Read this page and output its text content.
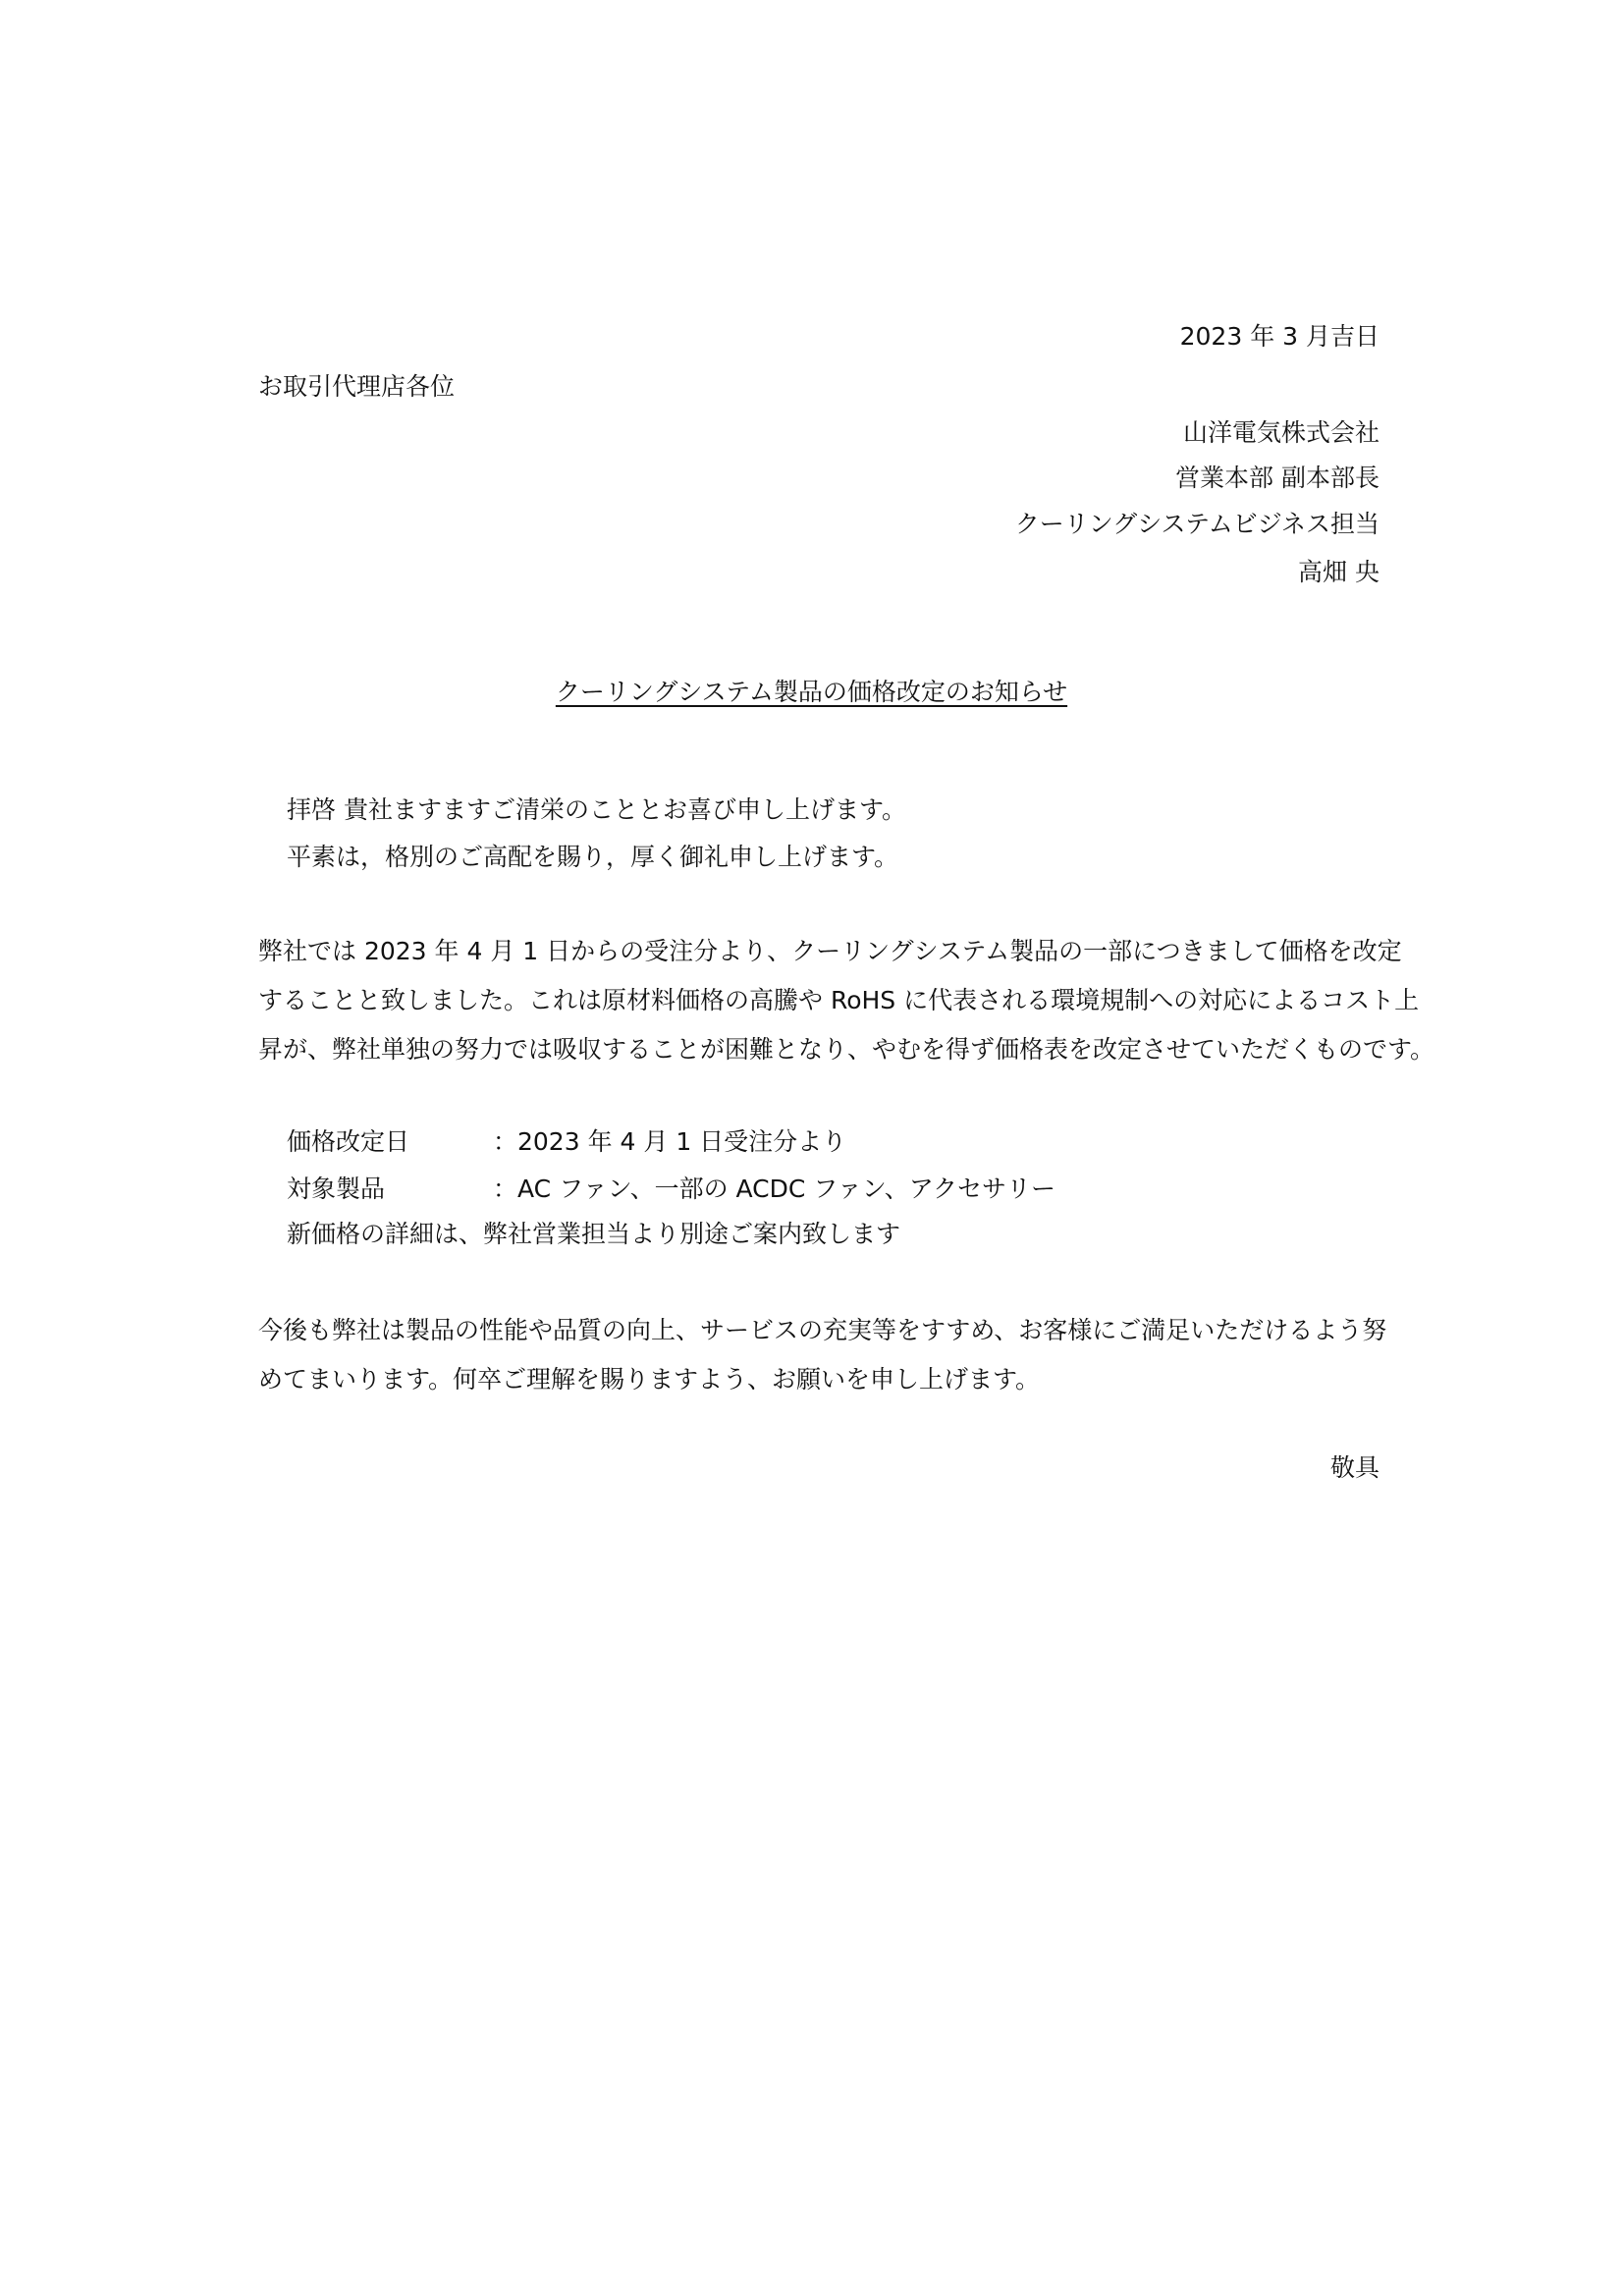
2023 年 3 月吉日
お取引代理店各位
山洋電気株式会社
営業本部 副本部長
クーリングシステムビジネス担当
高畑 央
クーリングシステム製品の価格改定のお知らせ
拝啓 貴社ますますご清栄のこととお喜び申し上げます。
平素は，格別のご高配を賜り，厚く御礼申し上げます。
弊社では 2023 年 4 月 1 日からの受注分より、クーリングシステム製品の一部につきまして価格を改定
することと致しました。これは原材料価格の高騰や RoHS に代表される環境規制への対応によるコスト上
昇が、弊社単独の努力では吸収することが困難となり、やむを得ず価格表を改定させていただくものです。
価格改定日	：2023 年 4 月 1 日受注分より
対象製品	：AC ファン、一部の ACDC ファン、アクセサリー
新価格の詳細は、弊社営業担当より別途ご案内致します
今後も弊社は製品の性能や品質の向上、サービスの充実等をすすめ、お客様にご満足いただけるよう努
めてまいります。何卒ご理解を賜りますよう、お願いを申し上げます。
敬具
